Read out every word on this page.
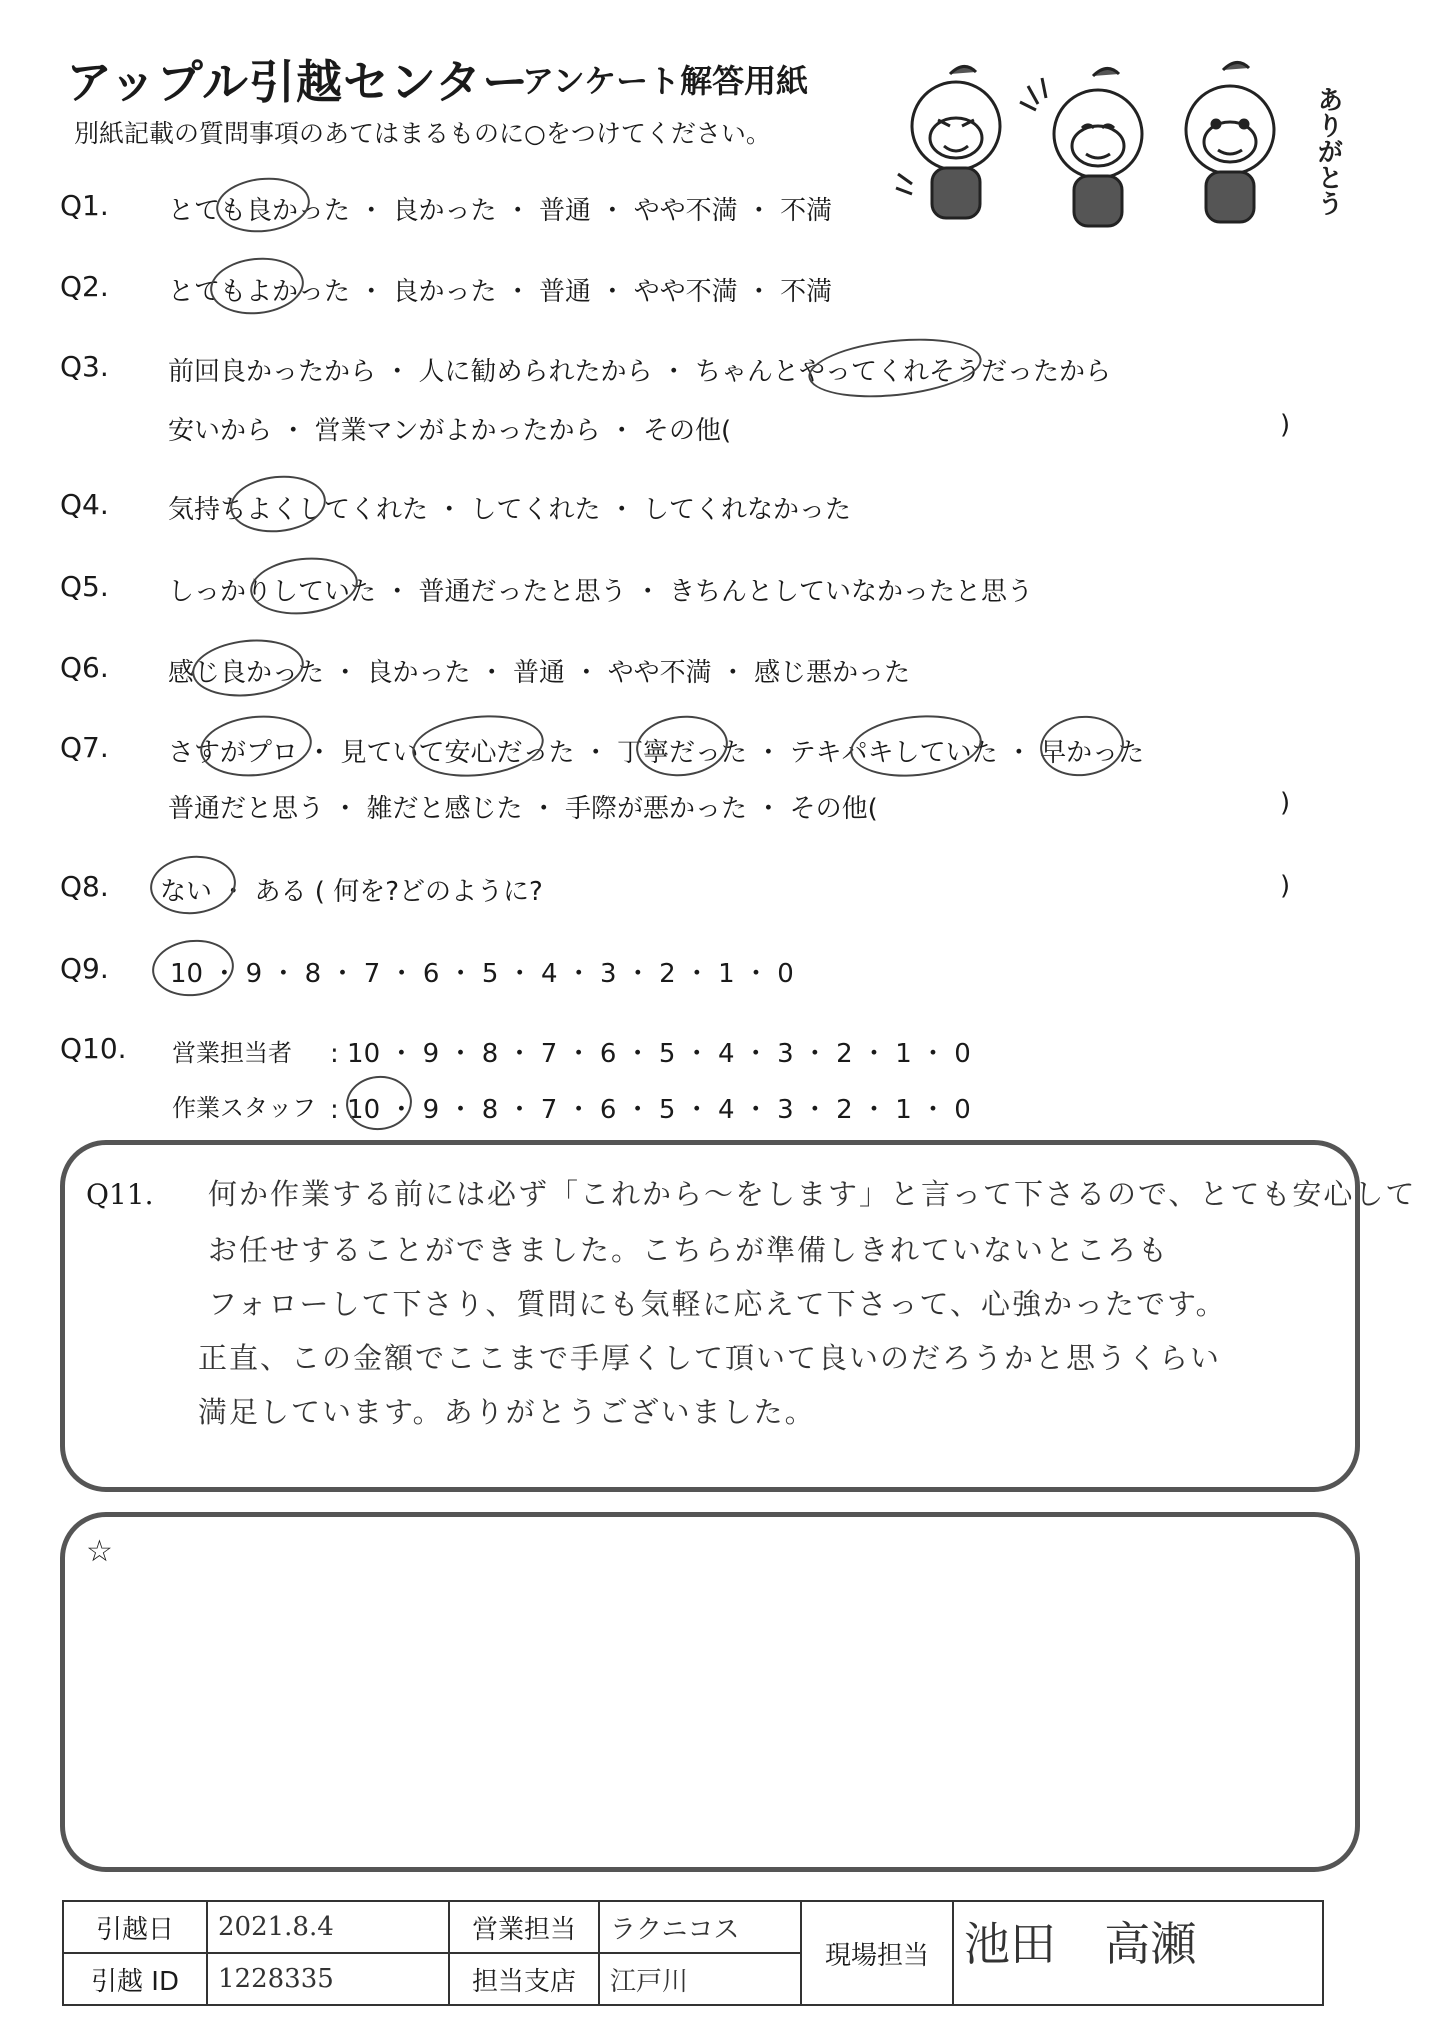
アップル引越センター
アンケート解答用紙
別紙記載の質問事項のあてはまるものに○をつけてください。	ありがとう
Q1. とても良かった ・ 良かった ・ 普通 ・ やや不満 ・ 不満
Q2. とてもよかった ・ 良かった ・ 普通 ・ やや不満 ・ 不満
Q3. 前回良かったから ・ 人に勧められたから ・ ちゃんとやってくれそうだったから
安いから ・ 営業マンがよかったから ・ その他(	)
Q4. 気持ちよくしてくれた ・ してくれた ・ してくれなかった
Q5. しっかりしていた ・ 普通だったと思う ・ きちんとしていなかったと思う
Q6. 感じ良かった ・ 良かった ・ 普通 ・ やや不満 ・ 感じ悪かった
Q7. さすがプロ ・ 見ていて安心だった ・ 丁寧だった ・ テキパキしていた ・ 早かった
普通だと思う ・ 雑だと感じた ・ 手際が悪かった ・ その他(	)
Q8. ない ・ ある ( 何を?どのように?	)
Q9. 10 ・ 9 ・ 8 ・ 7 ・ 6 ・ 5 ・ 4 ・ 3 ・ 2 ・ 1 ・ 0
Q10. 営業担当者 : 10 ・ 9 ・ 8 ・ 7 ・ 6 ・ 5 ・ 4 ・ 3 ・ 2 ・ 1 ・ 0
作業スタッフ : 10 ・ 9 ・ 8 ・ 7 ・ 6 ・ 5 ・ 4 ・ 3 ・ 2 ・ 1 ・ 0
Q11. 何か作業する前には必ず「これから〜をします」と言って下さるので、とても安心して
お任せすることができました。こちらが準備しきれていないところも
フォローして下さり、質問にも気軽に応えて下さって、心強かったです。
正直、この金額でここまで手厚くして頂いて良いのだろうかと思うくらい
満足しています。ありがとうございました。
☆
引越日	2021.8.4	営業担当	ラクニコス	現場担当	池田 高瀬
引越 ID	1228335	担当支店	江戸川		
